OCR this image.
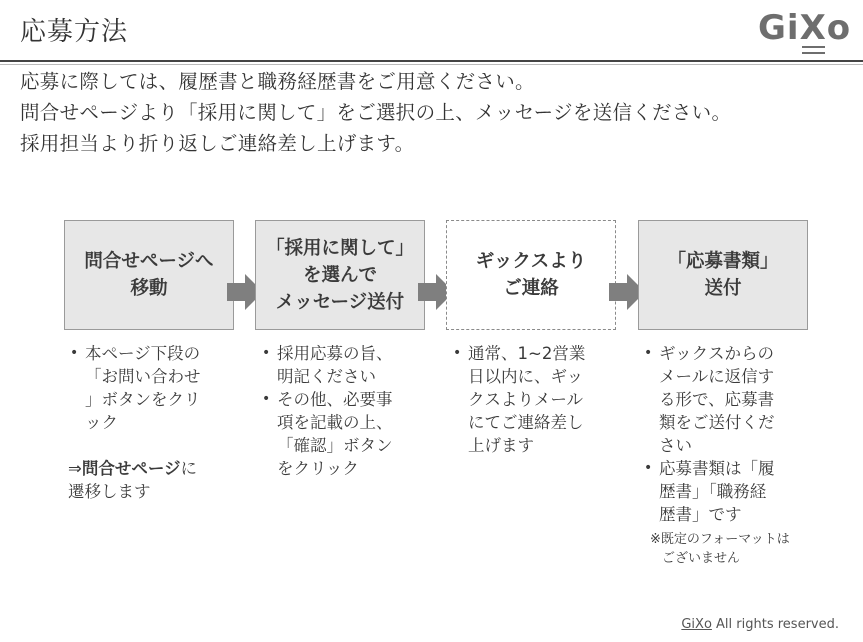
応募方法	GiX
o
応募に際しては、履歴書と職務経歴書をご用意ください。
問合せページより「採用に関して」をご選択の上、メッセージを送信ください。
採用担当より折り返しご連絡差し上げます。
問合せページへ
移動
「採用に関して」
を選んで
メッセージ送付
ギックスより
ご連絡
「応募書類」
送付
• 本ページ下段の
「お問い合わせ
」ボタンをクリ
ック
⇒問合せページに
遷移します
• 採用応募の旨、
明記ください
• その他、必要事
項を記載の上、
「確認」ボタン
をクリック
• 通常、1~2営業
日以内に、ギッ
クスよりメール
にてご連絡差し
上げます
• ギックスからの
メールに返信す
る形で、応募書
類をご送付くだ
さい
• 応募書類は「履
歴書」「職務経
歴書」です
※既定のフォーマットは
ございません
GiXo All rights reserved.
